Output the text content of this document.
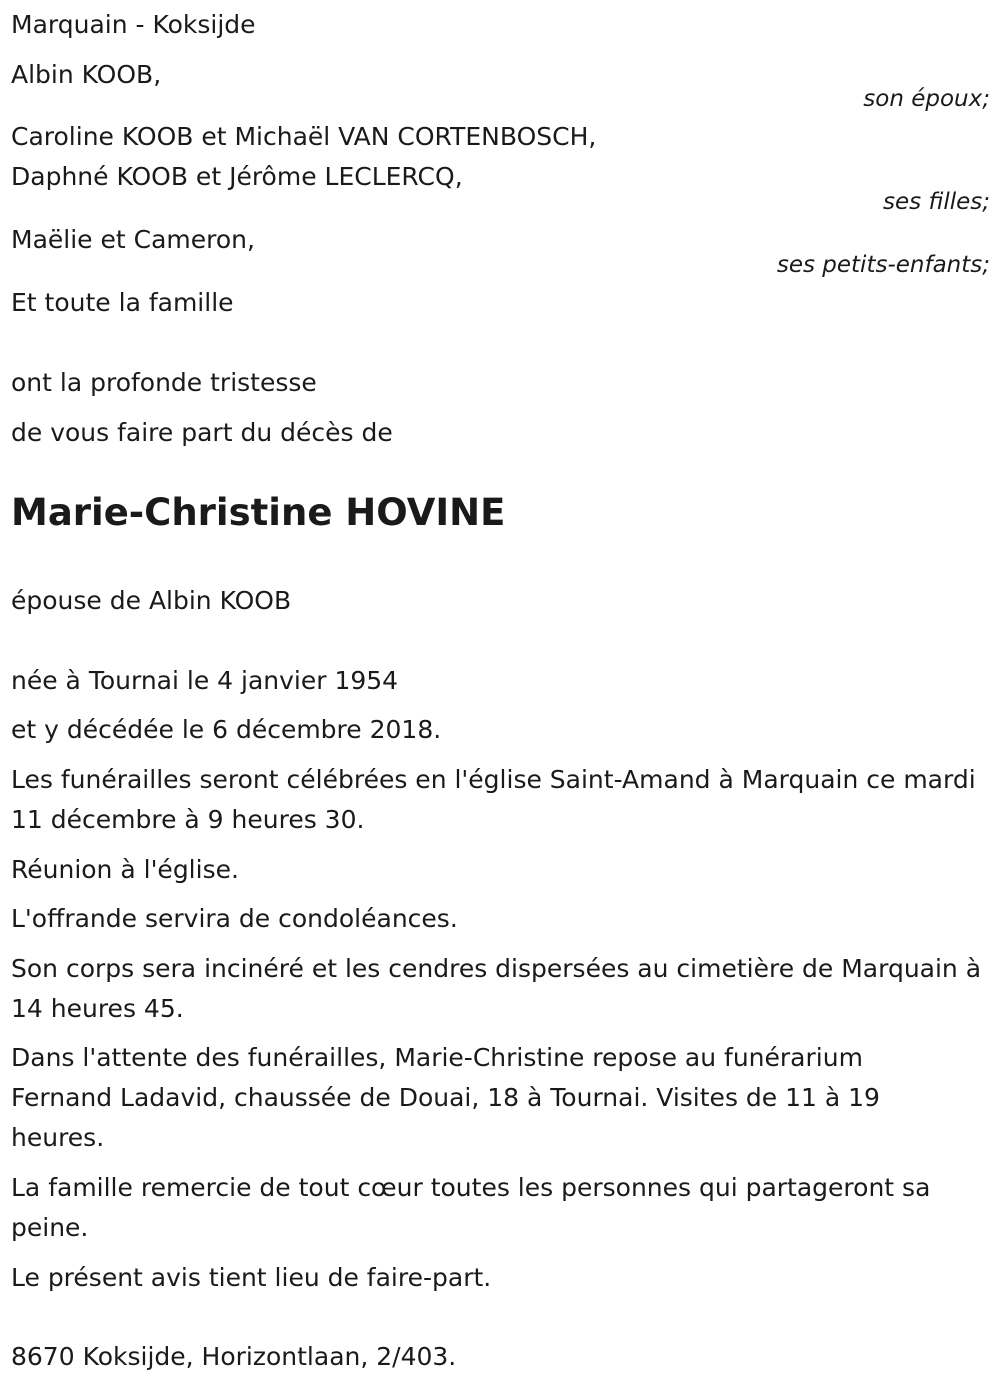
Marquain - Koksijde

Albin KOOB,

son époux;

Caroline KOOB et Michaël VAN CORTENBOSCH,

Daphné KOOB et Jérôme LECLERCQ,

ses filles;

Maëlie et Cameron,

ses petits-enfants;

Et toute la famille

ont la profonde tristesse

de vous faire part du décès de

Marie-Christine HOVINE

épouse de Albin KOOB

née à Tournai le 4 janvier 1954

et y décédée le 6 décembre 2018.

Les funérailles seront célébrées en l'église Saint-Amand à Marquain ce mardi 11 décembre à 9 heures 30.

Réunion à l'église.

L'offrande servira de condoléances.

Son corps sera incinéré et les cendres dispersées au cimetière de Marquain à 14 heures 45.

Dans l'attente des funérailles, Marie-Christine repose au funérarium Fernand Ladavid, chaussée de Douai, 18 à Tournai. Visites de 11 à 19 heures.

La famille remercie de tout cœur toutes les personnes qui partageront sa peine.

Le présent avis tient lieu de faire-part.

8670 Koksijde, Horizontlaan, 2/403.
